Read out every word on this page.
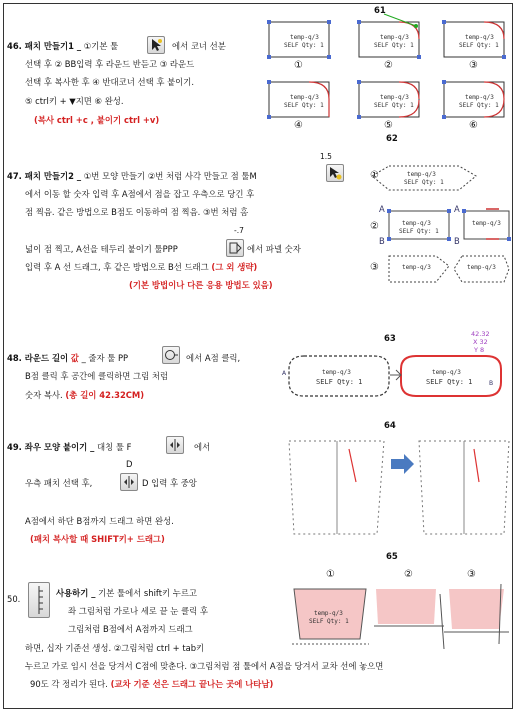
46. 패치 만들기1 _ ①기본 툴	에서 코너 선분
선택 후 ② BB입력 후 라운드 반듣고 ③ 라운드
선택 후 복사한 후 ④ 반대코너 선택 후 붙이기.
⑤ ctrl키 + ▼지면 ⑥ 완성.
(복사 ctrl +c , 붙이기 ctrl +v)
61
temp-q/3
SELF Qty: 1
temp-q/3
SELF Qty: 1
temp-q/3
SELF Qty: 1
temp-q/3
SELF Qty: 1
temp-q/3
SELF Qty: 1
temp-q/3
SELF Qty: 1
①	②	③
④	⑤	⑥
62
1.5
47. 패치 만들기2 _ ①번 모양 만들기 ②번 처럼 사각 만들고 점 툴M
에서 이동 할 숫자 입력 후 A점에서 점을 잡고 우측으로 당긴 후
점 찍음. 같은 방법으로 B점도 이동하여 점 찍음. ③번 처럼 홈
-.7
넓이 점 찍고, A선을 테두리 붙이기 툴PPP	에서 파넬 숫자
입력 후 A 선 드래그, 후 같은 방법으로 B선 드래그 (그 외 생략)
(기본 방법이나 다른 응용 방법도 있음)
temp-q/3
SELF Qty: 1
temp-q/3
SELF Qty: 1
temp-q/3
temp-q/3	temp-q/3
①
②
③
A
B
A
B
63
48. 라운드 길이 값 _ 줄자 툴 PP	에서 A점 클릭,
B점 클릭 후 공간에 클릭하면 그림 처럼
숫자 복사. (총 길이 42.32CM)
temp-q/3
SELF Qty: 1
temp-q/3
SELF Qty: 1
A
B
42.32
X 32
Y 8
64
49. 좌우 모양 붙이기 _ 대칭 툴 F	에서
D
우측 패치 선택 후,	D 입력 후 중앙
A점에서 하단 B점까지 드래그 하면 완성.
(패치 복사할 때 SHIFT키+ 드래그)
65
①	②	③
50.
사용하기 _ 기본 툴에서 shift키 누르고
좌 그림처럼 가로나 세로 끝 눈 클릭 후
그림처럼 B점에서 A점까지 드래그
하면, 십자 기준선 생성. ②그림처럼 ctrl + tab키
누르고 가로 임시 선을 당겨서 C점에 맞춘다. ③그림처럼 점 툴에서 A점을 당겨서 교차 선에 놓으면
90도 각 정리가 된다. (교차 기준 선은 드래그 끝나는 곳에 나타남)
temp-q/3
SELF Qty: 1
